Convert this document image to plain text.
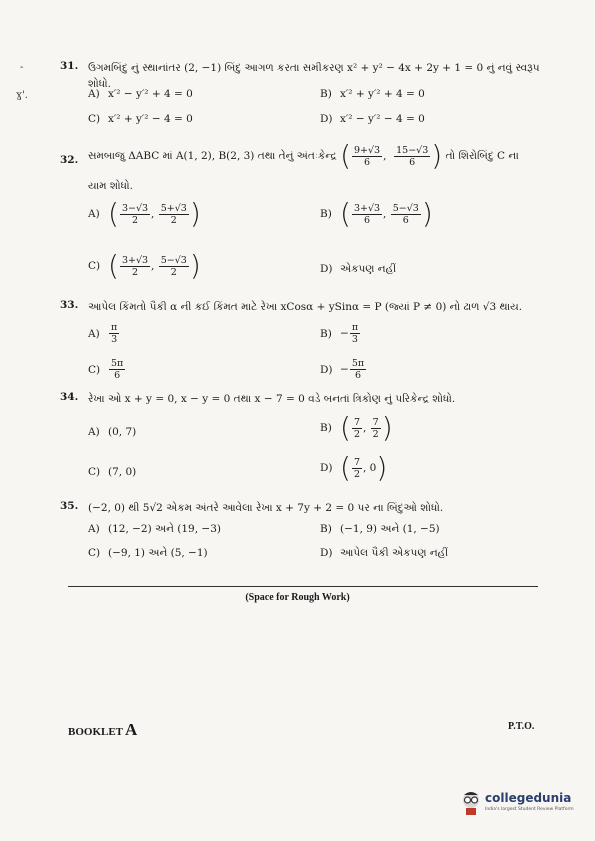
-
ɣ'.
31. ઉગમબિંદુ નું સ્થાનાંતર (2, −1) બિંદુ આગળ કરતા સમીકરણ x² + y² − 4x + 2y + 1 = 0 નું નવું સ્વરૂપ શોધો.
A) x′² − y′² + 4 = 0	B) x′² + y′² + 4 = 0
C) x′² + y′² − 4 = 0	D) x′² − y′² − 4 = 0
32. સમબાજુ ΔABC માં A(1, 2), B(2, 3) તથા તેનું અંતઃકેન્દ્ર ( $\frac{9+√3}{6}$ , $\frac{15-√3}{6}$ ) તો શિરોબિંદુ C ના
યામ શોધો.
A) ( $\frac{3-√3}{2}$ , $\frac{5+√3}{2}$ )	B) ( $\frac{3+√3}{6}$ , $\frac{5-√3}{6}$ )
C) ( $\frac{3+√3}{2}$ , $\frac{5-√3}{2}$ )	D) એકપણ નહીં
33. આપેલ કિંમતો પૈકી α ની કઈ કિંમત માટે રેખા xCosα + ySinα = P (જ્યાં P ≠ 0) નો ઢાળ √3 થાય.
$A) \frac{\pi}{3}$	$B) - \frac{\pi}{3}$
$C) \frac{5\pi}{6}$	$D) - \frac{5\pi}{6}$
34. રેખા ઓ x + y = 0, x − y = 0 તથા x − 7 = 0 વડે બનતાં ત્રિકોણ નું પરિકેન્દ્ર શોધો.
A) (0, 7)	B) ( $\frac{7}{2}$ , $\frac{7}{2}$ )
C) (7, 0)	D) ( $\frac{7}{2}$ , 0)
35. (−2, 0) થી 5√2 એકમ અંતરે આવેલા રેખા x + 7y + 2 = 0 પર ના બિંદુઓ શોધો.
A) (12, −2) અને (19, −3)	B) (−1, 9) અને (1, −5)
C) (−9, 1) અને (5, −1)	D) આપેલ પૈકી એકપણ નહીં
(Space for Rough Work)
BOOKLET A	P.T.O.
collegedunia
India's largest Student Review Platform
